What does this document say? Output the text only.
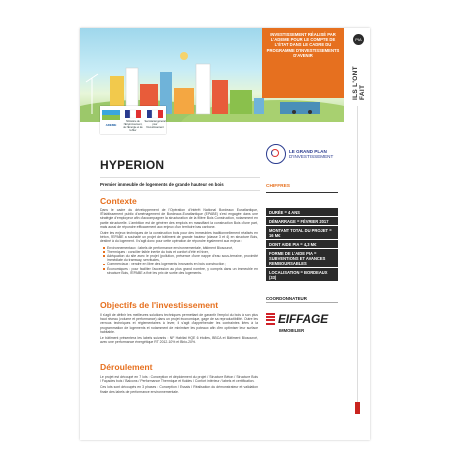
INVESTISSEMENT RÉALISÉ PAR L'ADEME POUR LE COMPTE DE L'ÉTAT DANS LE CADRE DU PROGRAMME D'INVESTISSEMENTS D'AVENIR
ADEME
Ministère de l'Environnement, de l'Énergie et de la Mer
Secrétariat général pour l'investissement
PIA
ILS L'ONT FAIT
LE GRAND PLAN
D'INVESTISSEMENT
HYPERION
Premier immeuble de logements de grande hauteur en bois
Contexte

Dans le cadre du développement de l'Opération d'Intérêt National Bordeaux Euratlantique, l'Établissement public d'aménagement de Bordeaux-Euratlantique (EPABE) s'est engagée dans une stratégie d'employeur afin d'accompagner la structuration de la filière Bois Construction, notamment en partie structurelle. L'ambition est de générer des emplois en massifiant la construction Bois d'une part, mais aussi de répondre efficacement aux enjeux d'un territoire bas carbone.

Outre les enjeux techniques de la construction bois pour des immeubles traditionnellement réalisés en béton, l'EPABE a souhaité un projet de bâtiment de grande hauteur (classe 3 et 4) en structure Bois, destiné à du logement. Il s'agit donc pour cette opération de répondre également aux enjeux :

Environnementaux : labels de performance environnementale, bâtiment Biosourcé,
Thermiques : concilier faible inertie du bois et confort d'été et hiver,
Adéquation du site avec le projet (pollution, présence d'une nappe d'eau sous-terraine, proximité immédiate du tramway, servitudes,
Commerciaux : vendre en libre des logements innovants en bois construction ;
Économiques : pour faciliter l'accession au plus grand nombre, y compris dans un immeuble en structure Bois, l'EPABE a fixé les prix de sortie des logements.
Objectifs de l'investissement

Il s'agit de définir les meilleures solutions techniques permettant de garantir l'emploi du bois à son plus haut niveau (volume et performance) dans un projet économique, gage de sa reproductibilité. Outre les verrous techniques et réglementaires à lever, il s'agit d'appréhender les contraintes liées à la programmation de logements et notamment de minimiser les poteaux afin d'en optimiser leur surface habitable.

Le bâtiment présentera les labels suivants : NF Habitat HQE 6 étoiles, BBCA et Bâtiment Biosourcé, avec une performance énergétique RT 2012-10% et Bbio-20%.

Déroulement

Le projet est découpé en 7 lots : Conception et déploiement du projet / Structure Béton / Structure Bois / Façades bois / Balcons / Performance Thermique et fluides / Confort intérieur / labels et certification.

Ces lots sont découpés en 3 phases : Conception / Essais / Réalisation du démonstrateur et validation finale des labels de performance environnementale.

CHIFFRES
DURÉE = 4 ANS
DÉMARRAGE = FÉVRIER 2017
MONTANT TOTAL DU PROJET = 16 M€
DONT AIDE PIA = 4,3 M€
FORME DE L'AIDE PIA = SUBVENTIONS ET AVANCES REMBOURSABLES
LOCALISATION = BORDEAUX (33)
COORDONNATEUR
EIFFAGE
IMMOBILIER
